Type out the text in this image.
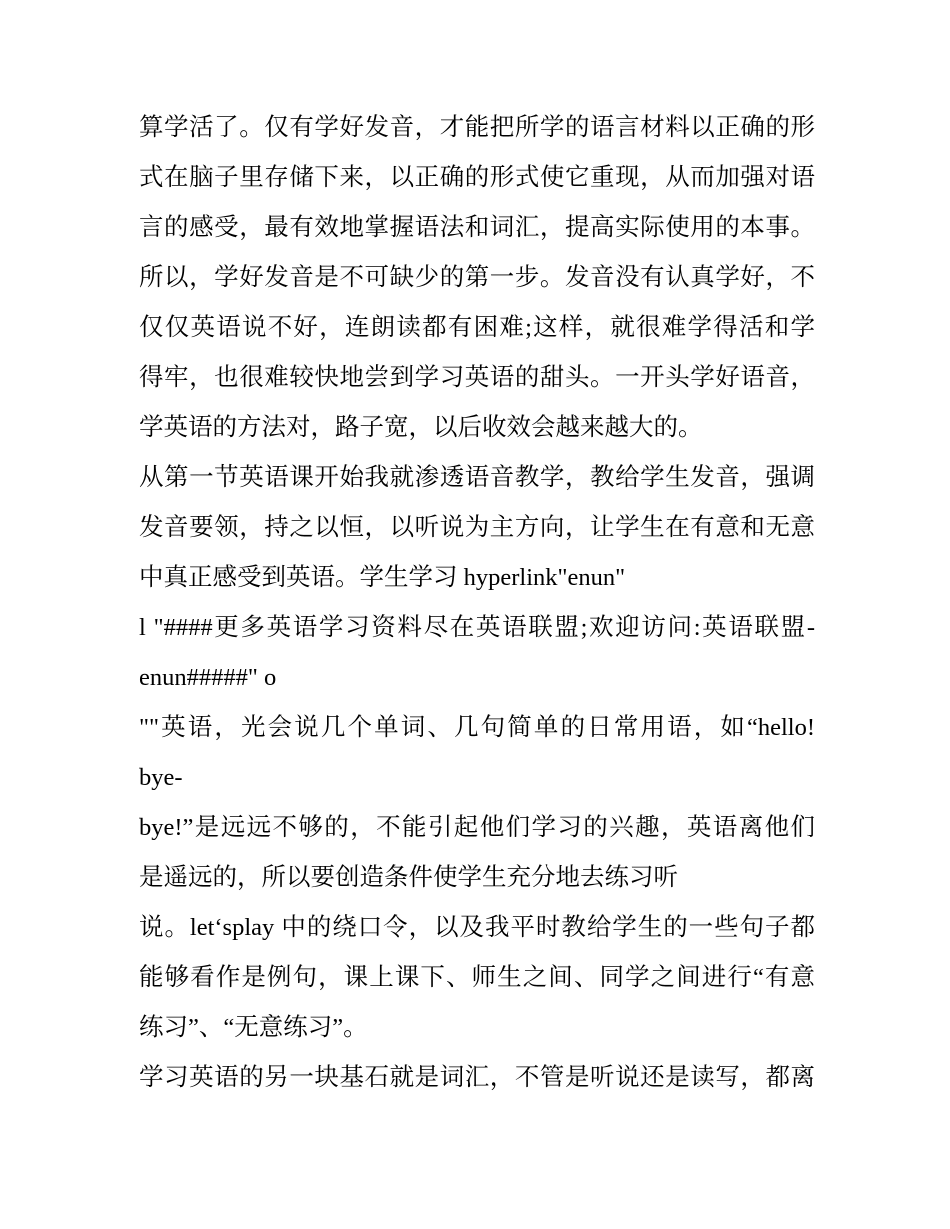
算学活了。仅有学好发音，才能把所学的语言材料以正确的形
式在脑子里存储下来，以正确的形式使它重现，从而加强对语
言的感受，最有效地掌握语法和词汇，提高实际使用的本事。
所以，学好发音是不可缺少的第一步。发音没有认真学好，不
仅仅英语说不好，连朗读都有困难;这样，就很难学得活和学
得牢，也很难较快地尝到学习英语的甜头。一开头学好语音，
学英语的方法对，路子宽，以后收效会越来越大的。
从第一节英语课开始我就渗透语音教学，教给学生发音，强调
发音要领，持之以恒，以听说为主方向，让学生在有意和无意
中真正感受到英语。学生学习 hyperlink"enun"
l "####更多英语学习资料尽在英语联盟;欢迎访问:英语联盟-
enun#####" o
""英语，光会说几个单词、几句简单的日常用语，如“hello!
bye-
bye!”是远远不够的，不能引起他们学习的兴趣，英语离他们
是遥远的，所以要创造条件使学生充分地去练习听
说。let‘splay 中的绕口令，以及我平时教给学生的一些句子都
能够看作是例句，课上课下、师生之间、同学之间进行“有意
练习”、“无意练习”。
学习英语的另一块基石就是词汇，不管是听说还是读写，都离
